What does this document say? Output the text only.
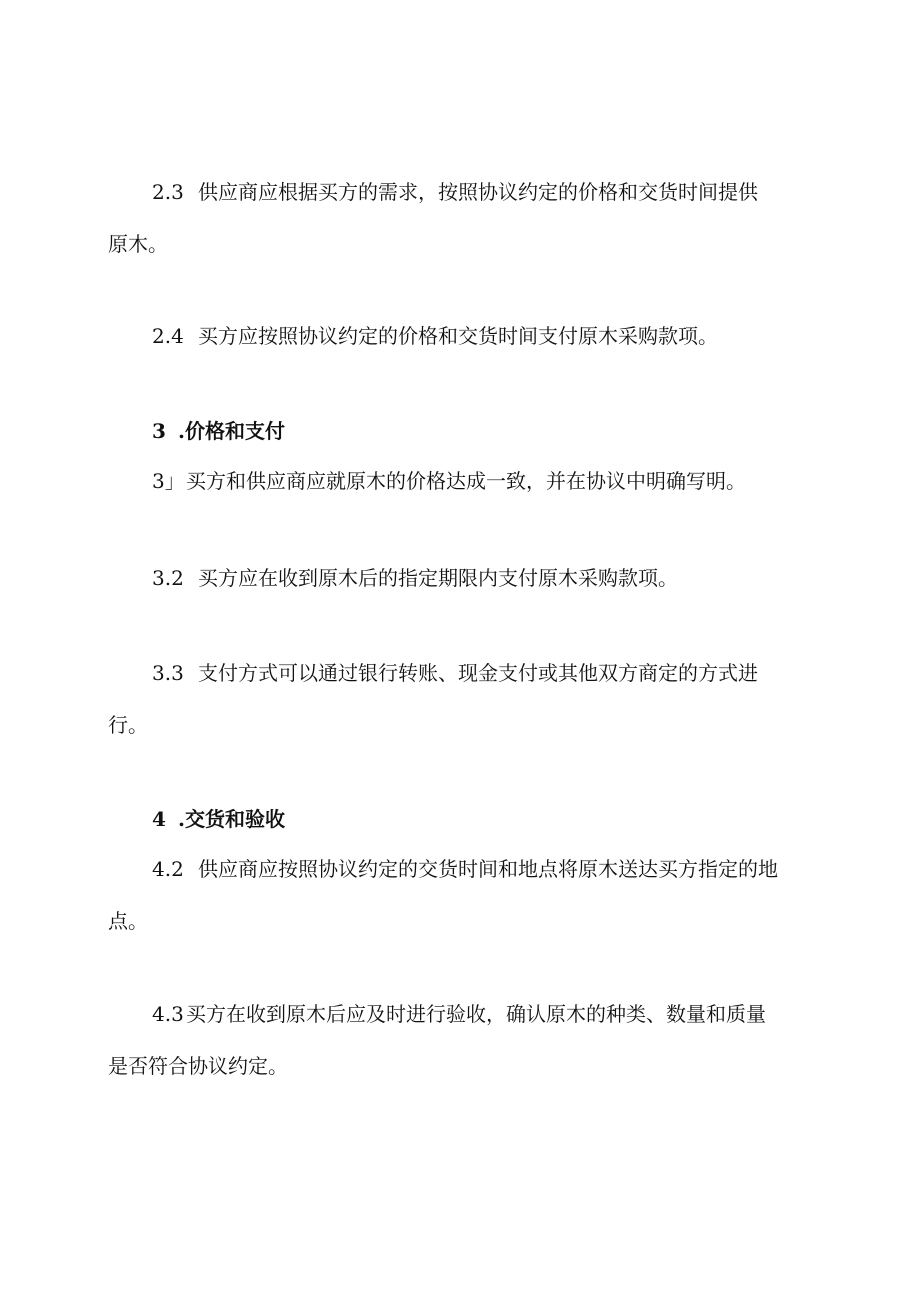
2.3 供应商应根据买方的需求，按照协议约定的价格和交货时间提供
原木。
2.4 买方应按照协议约定的价格和交货时间支付原木采购款项。
3 .价格和支付
3」买方和供应商应就原木的价格达成一致，并在协议中明确写明。
3.2 买方应在收到原木后的指定期限内支付原木采购款项。
3.3 支付方式可以通过银行转账、现金支付或其他双方商定的方式进
行。
4 .交货和验收
4.2 供应商应按照协议约定的交货时间和地点将原木送达买方指定的地
点。
4.3 买方在收到原木后应及时进行验收，确认原木的种类、数量和质量
是否符合协议约定。
